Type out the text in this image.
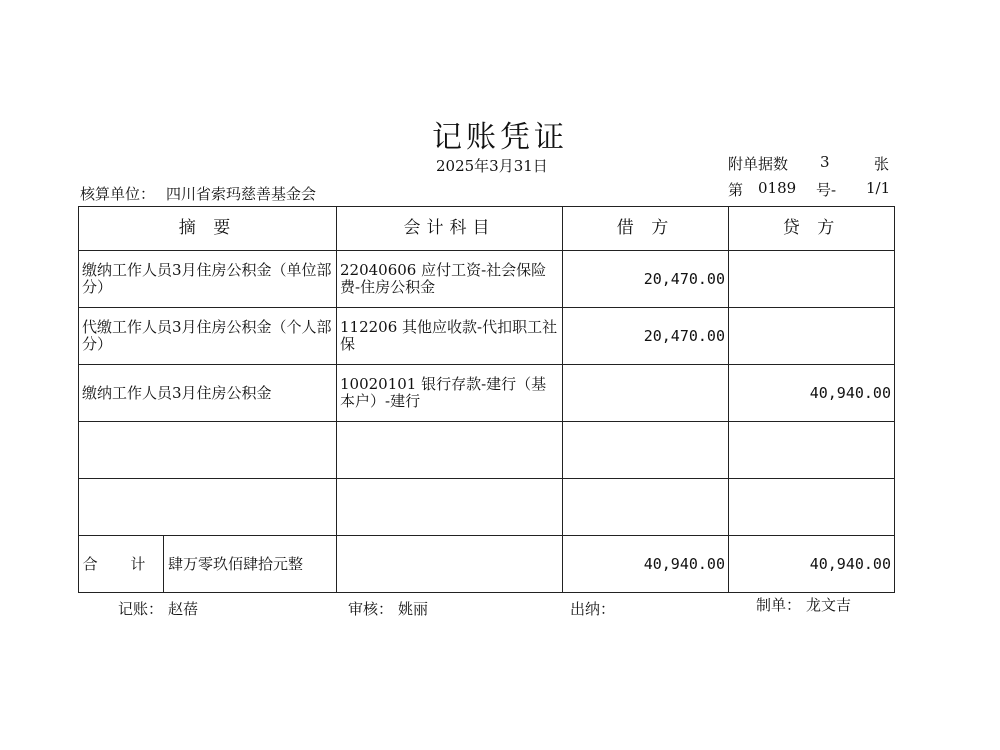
记账凭证
2025年3月31日	附单据数 3	张
核算单位： 四川省索玛慈善基金会	第 0189 号- 1/1
摘 要	会计科目	借 方	贷 方
缴纳工作人员3月住房公积金（单位部分）	22040606 应付工资-社会保险费-住房公积金	20,470.00	
代缴工作人员3月住房公积金（个人部分）	112206 其他应收款-代扣职工社保	20,470.00	
缴纳工作人员3月住房公积金	10020101 银行存款-建行（基本户）-建行		40,940.00

合 计 肆万零玖佰肆拾元整		40,940.00	40,940.00
记账： 赵蓓	审核： 姚丽	出纳：	制单： 龙文吉
